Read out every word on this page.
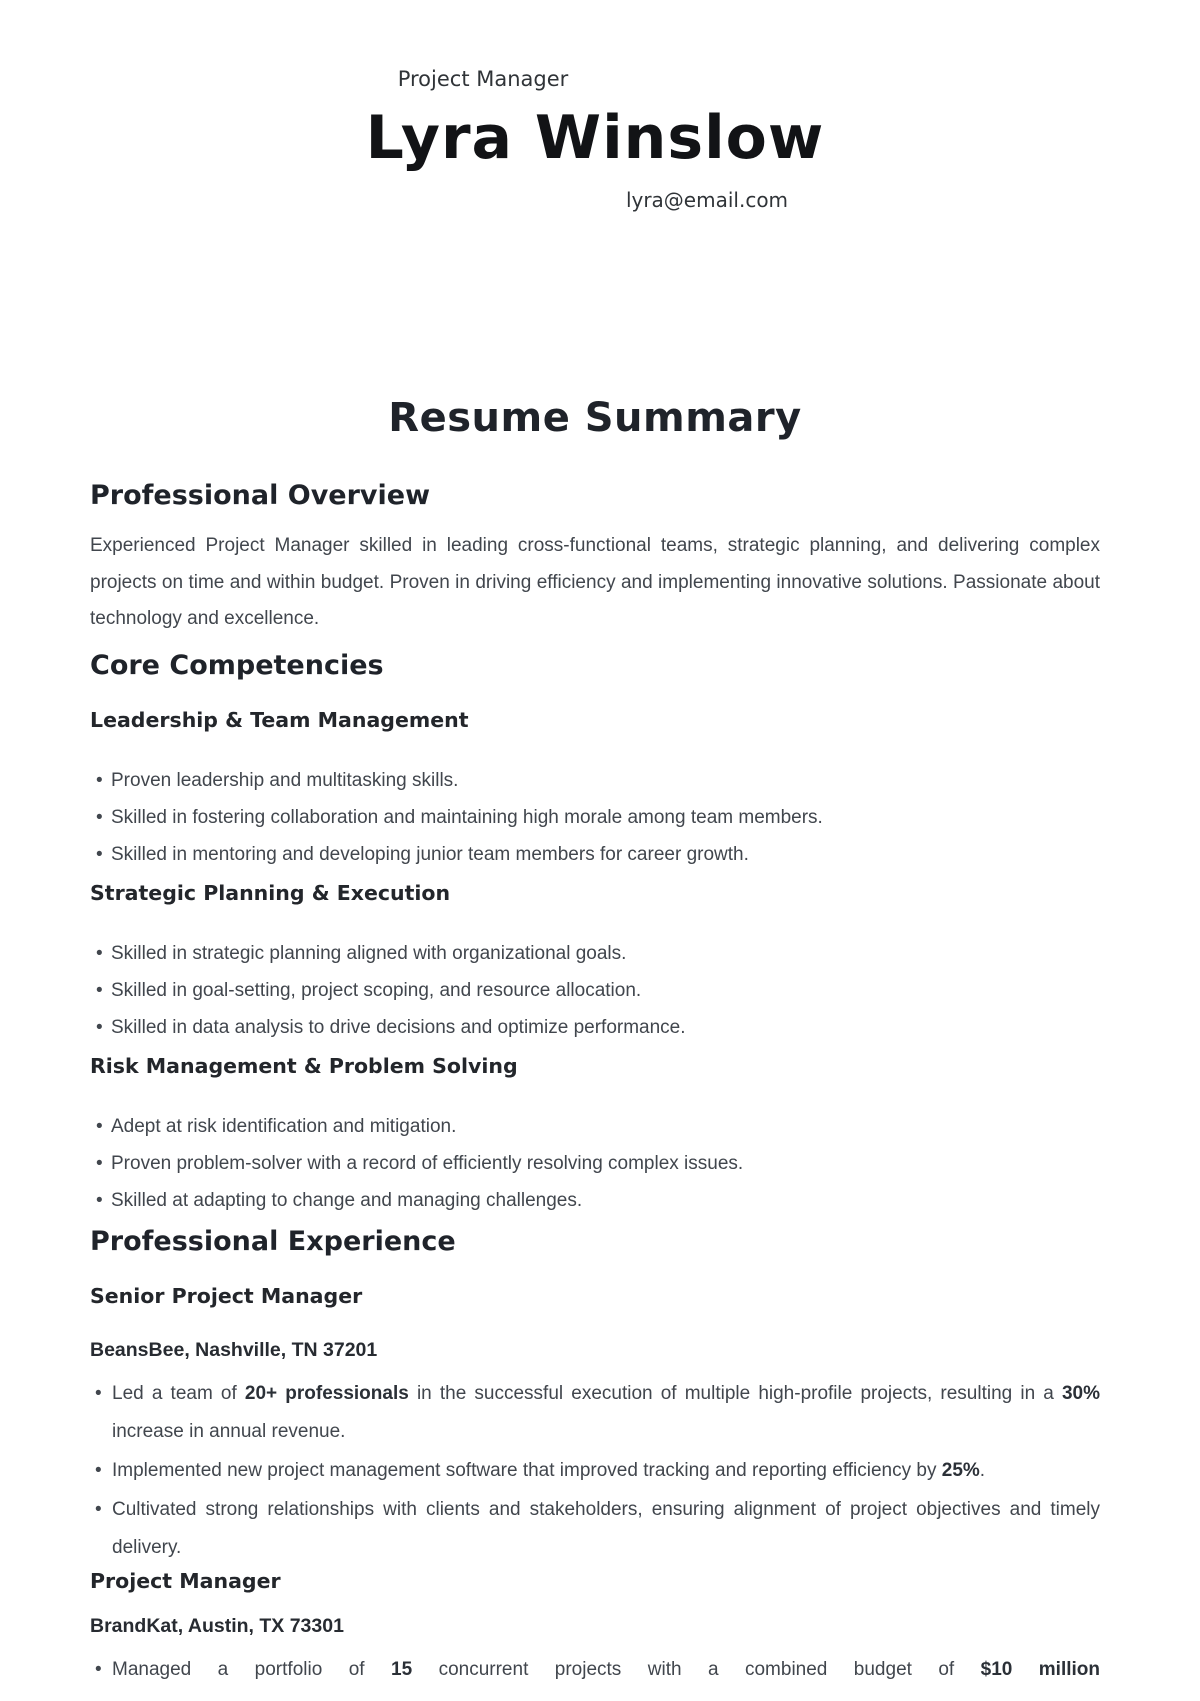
Project Manager
Lyra Winslow
lyra@email.com
Resume Summary
Professional Overview

Experienced Project Manager skilled in leading cross-functional teams, strategic planning, and delivering complex projects on time and within budget. Proven in driving efficiency and implementing innovative solutions. Passionate about technology and excellence.

Core Competencies
Leadership & Team Management
• Proven leadership and multitasking skills.
• Skilled in fostering collaboration and maintaining high morale among team members.
• Skilled in mentoring and developing junior team members for career growth.
Strategic Planning & Execution
• Skilled in strategic planning aligned with organizational goals.
• Skilled in goal-setting, project scoping, and resource allocation.
• Skilled in data analysis to drive decisions and optimize performance.
Risk Management & Problem Solving
• Adept at risk identification and mitigation.
• Proven problem-solver with a record of efficiently resolving complex issues.
• Skilled at adapting to change and managing challenges.
Professional Experience
Senior Project Manager
BeansBee, Nashville, TN 37201
• Led a team of 20+ professionals in the successful execution of multiple high-profile projects, resulting in a 30% increase in annual revenue.
• Implemented new project management software that improved tracking and reporting efficiency by 25%.
• Cultivated strong relationships with clients and stakeholders, ensuring alignment of project objectives and timely delivery.
Project Manager
BrandKat, Austin, TX 73301
• Managed a portfolio of 15 concurrent projects with a combined budget of $10 million
